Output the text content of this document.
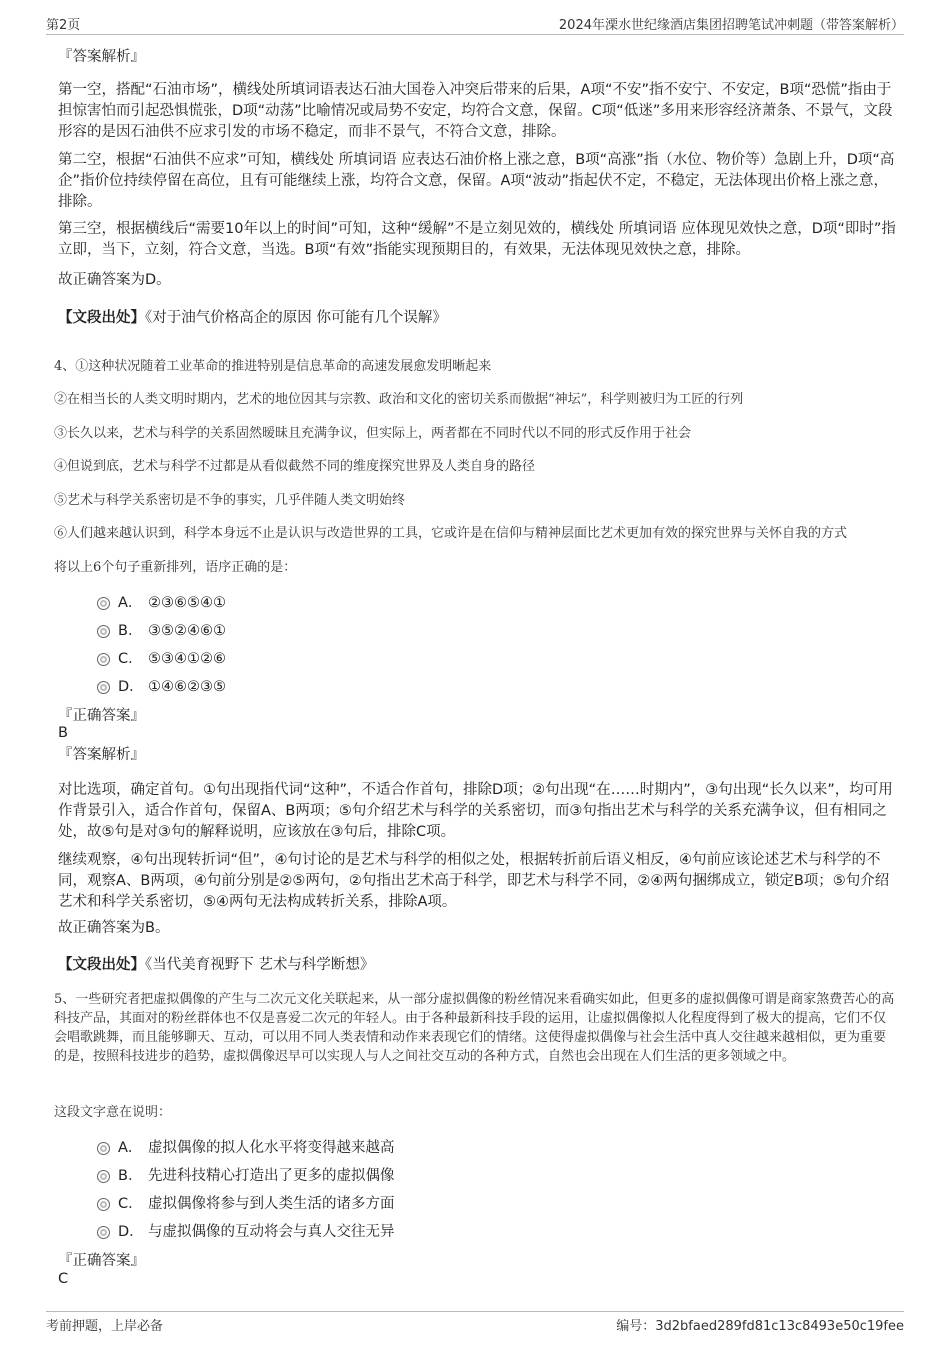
第2页	2024年溧水世纪缘酒店集团招聘笔试冲刺题（带答案解析）
『答案解析』
第一空，搭配“石油市场”，横线处所填词语表达石油大国卷入冲突后带来的后果，A项“不安”指不安宁、不安定，B项“恐慌”指由于担惊害怕而引起恐惧慌张，D项“动荡”比喻情况或局势不安定，均符合文意，保留。C项“低迷”多用来形容经济萧条、不景气，文段形容的是因石油供不应求引发的市场不稳定，而非不景气，不符合文意，排除。
第二空，根据“石油供不应求”可知，横线处 所填词语 应表达石油价格上涨之意，B项“高涨”指（水位、物价等）急剧上升，D项“高企”指价位持续停留在高位，且有可能继续上涨，均符合文意，保留。A项“波动”指起伏不定，不稳定，无法体现出价格上涨之意，排除。
第三空，根据横线后“需要10年以上的时间”可知，这种“缓解”不是立刻见效的，横线处 所填词语 应体现见效快之意，D项“即时”指立即，当下，立刻，符合文意，当选。B项“有效”指能实现预期目的，有效果，无法体现见效快之意，排除。
故正确答案为D。
【文段出处】《对于油气价格高企的原因 你可能有几个误解》
4、①这种状况随着工业革命的推进特别是信息革命的高速发展愈发明晰起来
②在相当长的人类文明时期内，艺术的地位因其与宗教、政治和文化的密切关系而傲据“神坛”，科学则被归为工匠的行列
③长久以来，艺术与科学的关系固然暧昧且充满争议，但实际上，两者都在不同时代以不同的形式反作用于社会
④但说到底，艺术与科学不过都是从看似截然不同的维度探究世界及人类自身的路径
⑤艺术与科学关系密切是不争的事实，几乎伴随人类文明始终
⑥人们越来越认识到，科学本身远不止是认识与改造世界的工具，它或许是在信仰与精神层面比艺术更加有效的探究世界与关怀自我的方式
将以上6个句子重新排列，语序正确的是：
A． ②③⑥⑤④①
B． ③⑤②④⑥①
C． ⑤③④①②⑥
D． ①④⑥②③⑤
『正确答案』
B
『答案解析』
对比选项，确定首句。①句出现指代词“这种”，不适合作首句，排除D项；②句出现“在……时期内”，③句出现“长久以来”，均可用作背景引入，适合作首句，保留A、B两项；⑤句介绍艺术与科学的关系密切，而③句指出艺术与科学的关系充满争议，但有相同之处，故⑤句是对③句的解释说明，应该放在③句后，排除C项。
继续观察，④句出现转折词“但”，④句讨论的是艺术与科学的相似之处，根据转折前后语义相反，④句前应该论述艺术与科学的不同，观察A、B两项，④句前分别是②⑤两句，②句指出艺术高于科学，即艺术与科学不同，②④两句捆绑成立，锁定B项；⑤句介绍艺术和科学关系密切，⑤④两句无法构成转折关系，排除A项。
故正确答案为B。
【文段出处】《当代美育视野下 艺术与科学断想》
5、一些研究者把虚拟偶像的产生与二次元文化关联起来，从一部分虚拟偶像的粉丝情况来看确实如此，但更多的虚拟偶像可谓是商家煞费苦心的高科技产品，其面对的粉丝群体也不仅是喜爱二次元的年轻人。由于各种最新科技手段的运用，让虚拟偶像拟人化程度得到了极大的提高，它们不仅会唱歌跳舞，而且能够聊天、互动，可以用不同人类表情和动作来表现它们的情绪。这使得虚拟偶像与社会生活中真人交往越来越相似，更为重要的是，按照科技进步的趋势，虚拟偶像迟早可以实现人与人之间社交互动的各种方式，自然也会出现在人们生活的更多领域之中。
这段文字意在说明：
A． 虚拟偶像的拟人化水平将变得越来越高
B． 先进科技精心打造出了更多的虚拟偶像
C． 虚拟偶像将参与到人类生活的诸多方面
D． 与虚拟偶像的互动将会与真人交往无异
『正确答案』
C
考前押题，上岸必备	编号：3d2bfaed289fd81c13c8493e50c19fee
